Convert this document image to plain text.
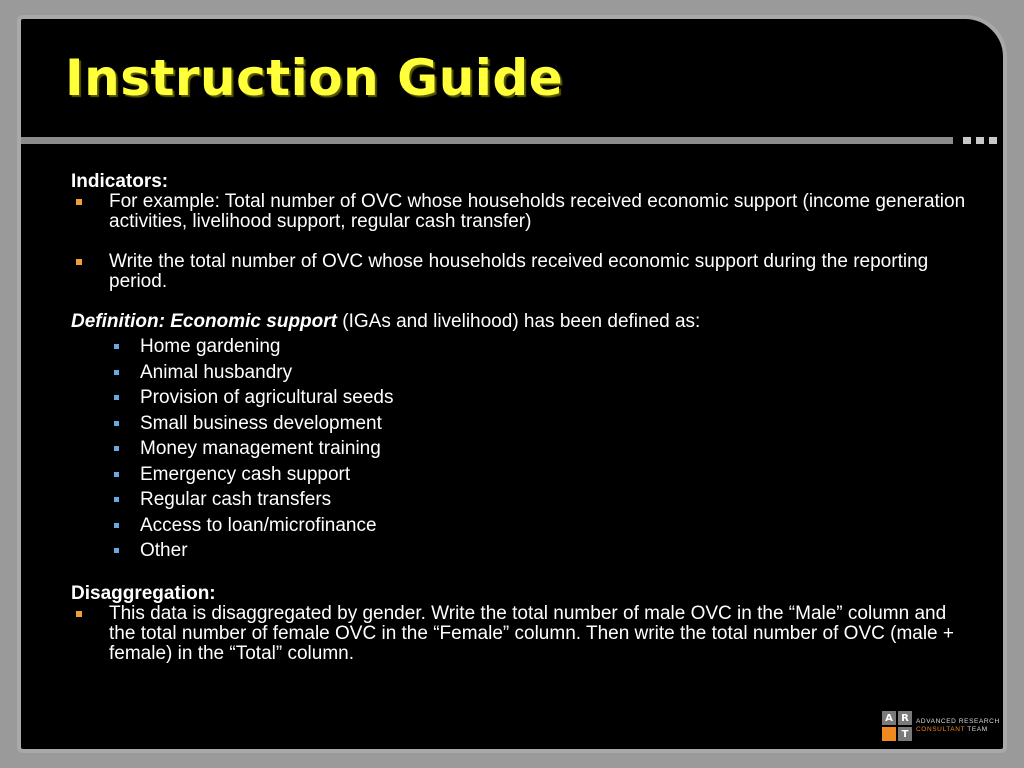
Instruction Guide

Indicators:

For example: Total number of OVC whose households received economic support (income generation activities, livelihood support, regular cash transfer)

Write the total number of OVC whose households received economic support during the reporting period.

Definition: Economic support (IGAs and livelihood) has been defined as:

Home gardening
Animal husbandry
Provision of agricultural seeds
Small business development
Money management training
Emergency cash support
Regular cash transfers
Access to loan/microfinance
Other

Disaggregation:

This data is disaggregated by gender. Write the total number of male OVC in the “Male” column and the total number of female OVC in the “Female” column. Then write the total number of OVC (male + female) in the “Total” column.

A R
T
ADVANCED RESEARCH
CONSULTANT TEAM
